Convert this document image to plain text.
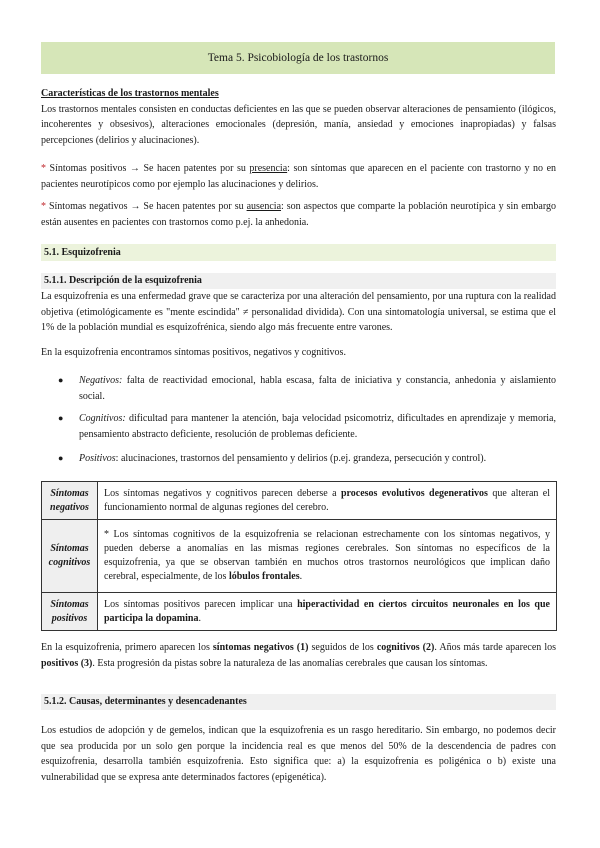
Tema 5. Psicobiología de los trastornos
Características de los trastornos mentales
Los trastornos mentales consisten en conductas deficientes en las que se pueden observar alteraciones de pensamiento (ilógicos, incoherentes y obsesivos), alteraciones emocionales (depresión, manía, ansiedad y emociones inapropiadas) y falsas percepciones (delirios y alucinaciones).
* Síntomas positivos → Se hacen patentes por su presencia: son síntomas que aparecen en el paciente con trastorno y no en pacientes neurotípicos como por ejemplo las alucinaciones y delirios.
* Síntomas negativos → Se hacen patentes por su ausencia: son aspectos que comparte la población neurotípica y sin embargo están ausentes en pacientes con trastornos como p.ej. la anhedonia.
5.1. Esquizofrenia
5.1.1. Descripción de la esquizofrenia
La esquizofrenia es una enfermedad grave que se caracteriza por una alteración del pensamiento, por una ruptura con la realidad objetiva (etimológicamente es "mente escindida" ≠ personalidad dividida). Con una sintomatología universal, se estima que el 1% de la población mundial es esquizofrénica, siendo algo más frecuente entre varones.
En la esquizofrenia encontramos síntomas positivos, negativos y cognitivos.
● Negativos: falta de reactividad emocional, habla escasa, falta de iniciativa y constancia, anhedonia y aislamiento social.
● Cognitivos: dificultad para mantener la atención, baja velocidad psicomotriz, dificultades en aprendizaje y memoria, pensamiento abstracto deficiente, resolución de problemas deficiente.
● Positivos: alucinaciones, trastornos del pensamiento y delirios (p.ej. grandeza, persecución y control).
Síntomas
negativos	Los síntomas negativos y cognitivos parecen deberse a procesos evolutivos degenerativos que alteran el funcionamiento normal de algunas regiones del cerebro.
Síntomas
cognitivos	* Los síntomas cognitivos de la esquizofrenia se relacionan estrechamente con los síntomas negativos, y pueden deberse a anomalías en las mismas regiones cerebrales. Son síntomas no específicos de la esquizofrenia, ya que se observan también en muchos otros trastornos neurológicos que implican daño cerebral, especialmente, de los lóbulos frontales.
Síntomas
positivos	Los síntomas positivos parecen implicar una hiperactividad en ciertos circuitos neuronales en los que participa la dopamina.
En la esquizofrenia, primero aparecen los síntomas negativos (1) seguidos de los cognitivos (2). Años más tarde aparecen los positivos (3). Esta progresión da pistas sobre la naturaleza de las anomalías cerebrales que causan los síntomas.
5.1.2. Causas, determinantes y desencadenantes
Los estudios de adopción y de gemelos, indican que la esquizofrenia es un rasgo hereditario. Sin embargo, no podemos decir que sea producida por un solo gen porque la incidencia real es que menos del 50% de la descendencia de padres con esquizofrenia, desarrolla también esquizofrenia. Esto significa que: a) la esquizofrenia es poligénica o b) existe una vulnerabilidad que se expresa ante determinados factores (epigenética).
